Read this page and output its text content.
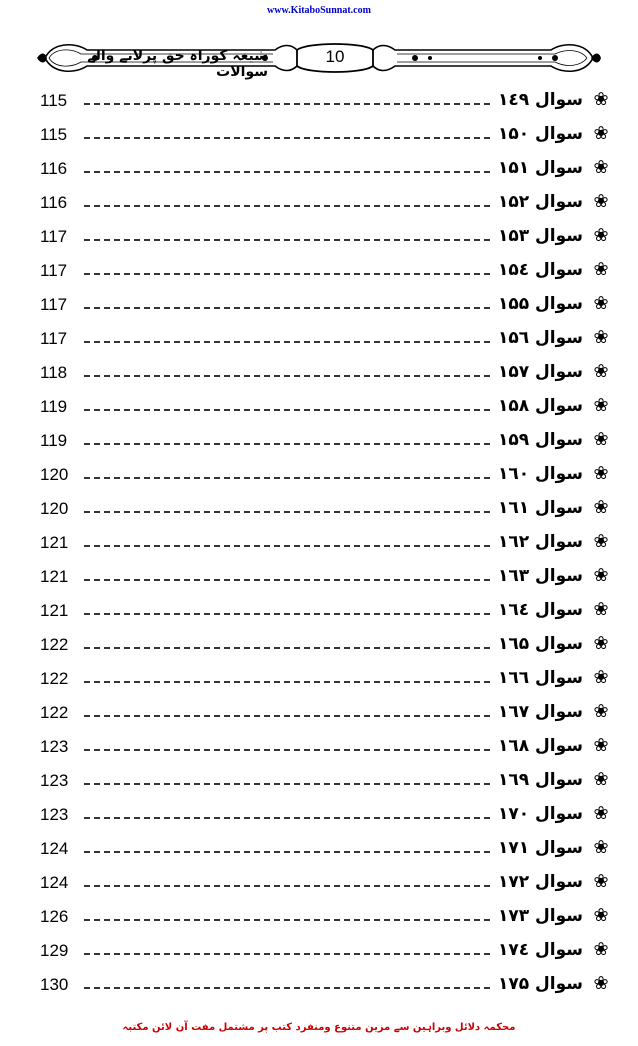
www.KitaboSunnat.com
شیعہ کوراہ حق پرلانے والے سوالات
10
115	سوال ۱٤۹ ❀
115	سوال ۱۵۰ ❀
116	سوال ۱۵۱ ❀
116	سوال ۱۵۲ ❀
117	سوال ۱۵۳ ❀
117	سوال ۱۵٤ ❀
117	سوال ۱۵۵ ❀
117	سوال ۱۵٦ ❀
118	سوال ۱۵۷ ❀
119	سوال ۱۵۸ ❀
119	سوال ۱۵۹ ❀
120	سوال ۱٦۰ ❀
120	سوال ۱٦۱ ❀
121	سوال ۱٦۲ ❀
121	سوال ۱٦۳ ❀
121	سوال ۱٦٤ ❀
122	سوال ۱٦۵ ❀
122	سوال ۱٦٦ ❀
122	سوال ۱٦۷ ❀
123	سوال ۱٦۸ ❀
123	سوال ۱٦۹ ❀
123	سوال ۱۷۰ ❀
124	سوال ۱۷۱ ❀
124	سوال ۱۷۲ ❀
126	سوال ۱۷۳ ❀
129	سوال ۱۷٤ ❀
130	سوال ۱۷۵ ❀
محکمہ دلائل وبراہین سے مزین متنوع ومنفرد کتب پر مشتمل مفت آن لائن مکتبہ
